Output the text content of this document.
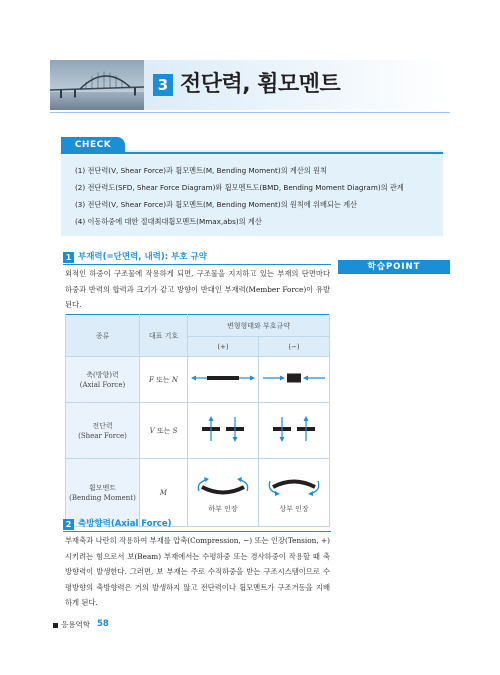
3 전단력, 휨모멘트
CHECK
(1) 전단력(V, Shear Force)과 휨모멘트(M, Bending Moment)의 계산의 원칙
(2) 전단력도(SFD, Shear Force Diagram)와 휨모멘트도(BMD, Bending Moment Diagram)의 관계
(3) 전단력(V, Shear Force)과 휨모멘트(M, Bending Moment)의 원칙에 위배되는 계산
(4) 이동하중에 대한 절대최대휨모멘트(Mmax,abs)의 계산
학습POINT
1 부재력(=단면력, 내력): 부호 규약
외적인 하중이 구조물에 작용하게 되면, 구조물을 지지하고 있는 부재의 단면마다 하중과 반력의 합력과 크기가 같고 방향이 반대인 부재력(Member Force)이 유발된다.
종류	대표 기호	변형형태와 부호규약	
		(+)	(−)

축(방향)력
(Axial Force)	F 또는 N		

전단력
(Shear Force)	V 또는 S		

휨모멘트
(Bending Moment)	M	하부 인장	상부 인장
2 축방향력(Axial Force)
부재축과 나란히 작용하여 부재를 압축(Compression, −) 또는 인장(Tension, +) 시키려는 힘으로서 보(Beam) 부재에서는 수평하중 또는 경사하중이 작용할 때 축방향력이 발생한다. 그러면, 보 부재는 주로 수직하중을 받는 구조시스템이므로 수평방향의 축방향력은 거의 발생하지 않고 전단력이나 휨모멘트가 구조거동을 지배하게 된다.
응용역학 58
